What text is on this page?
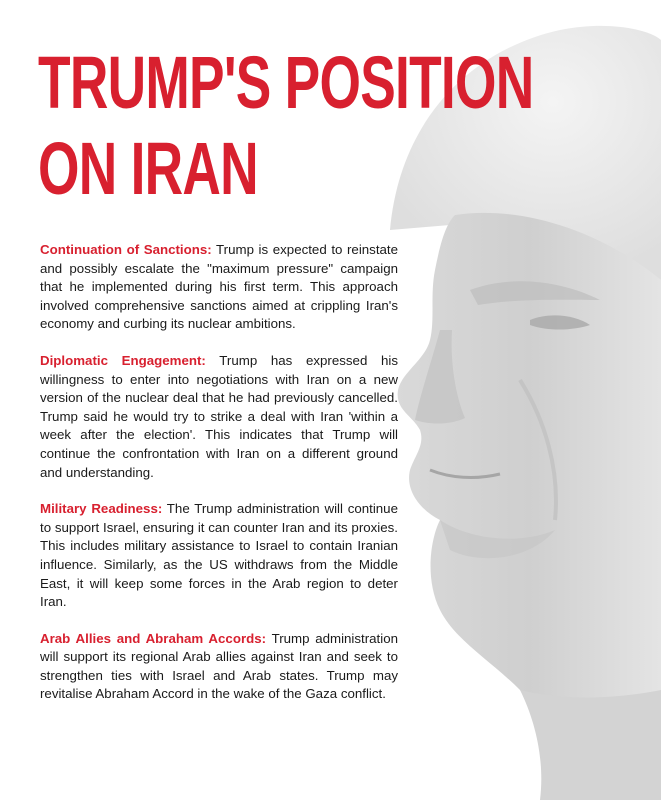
TRUMP'S POSITION
ON IRAN

Continuation of Sanctions: Trump is expected to reinstate and possibly escalate the "maximum pressure" campaign that he implemented during his first term. This approach involved comprehensive sanctions aimed at crippling Iran's economy and curbing its nuclear ambitions.

Diplomatic Engagement: Trump has expressed his willingness to enter into negotiations with Iran on a new version of the nuclear deal that he had previously cancelled. Trump said he would try to strike a deal with Iran 'within a week after the election'. This indicates that Trump will continue the confrontation with Iran on a different ground and understanding.

Military Readiness: The Trump administration will continue to support Israel, ensuring it can counter Iran and its proxies. This includes military assistance to Israel to contain Iranian influence. Similarly, as the US withdraws from the Middle East, it will keep some forces in the Arab region to deter Iran.

Arab Allies and Abraham Accords: Trump administration will support its regional Arab allies against Iran and seek to strengthen ties with Israel and Arab states. Trump may revitalise Abraham Accord in the wake of the Gaza conflict.
